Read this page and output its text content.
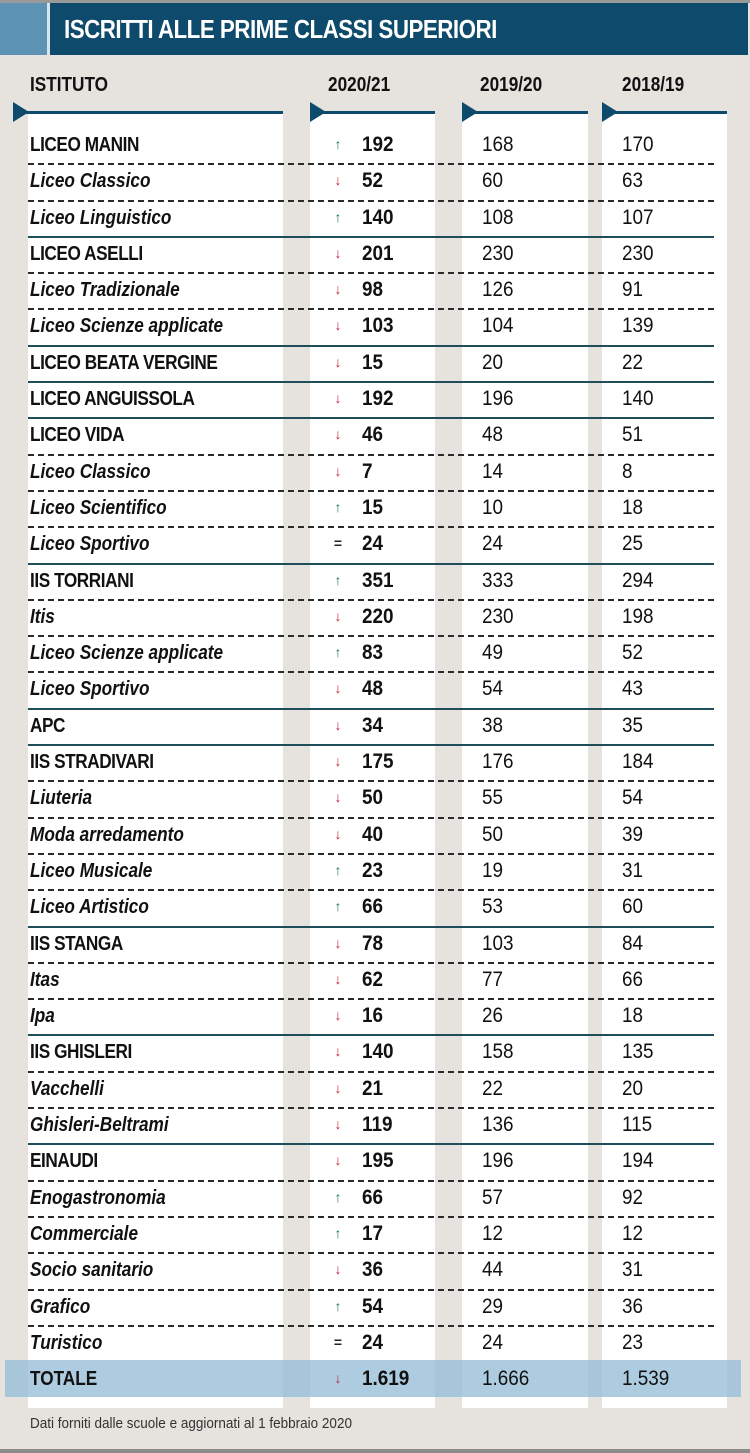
ISCRITTI ALLE PRIME CLASSI SUPERIORI
ISTITUTO	2020/21	2019/20	2018/19
LICEO MANIN	↑ 192	168	170
Liceo Classico	↓ 52	60	63
Liceo Linguistico	↑ 140	108	107
LICEO ASELLI	↓ 201	230	230
Liceo Tradizionale	↓ 98	126	91
Liceo Scienze applicate	↓ 103	104	139
LICEO BEATA VERGINE	↓ 15	20	22
LICEO ANGUISSOLA	↓ 192	196	140
LICEO VIDA	↓ 46	48	51
Liceo Classico	↓ 7	14	8
Liceo Scientifico	↑ 15	10	18
Liceo Sportivo	= 24	24	25
IIS TORRIANI	↑ 351	333	294
Itis	↓ 220	230	198
Liceo Scienze applicate	↑ 83	49	52
Liceo Sportivo	↓ 48	54	43
APC	↓ 34	38	35
IIS STRADIVARI	↓ 175	176	184
Liuteria	↓ 50	55	54
Moda arredamento	↓ 40	50	39
Liceo Musicale	↑ 23	19	31
Liceo Artistico	↑ 66	53	60
IIS STANGA	↓ 78	103	84
Itas	↓ 62	77	66
Ipa	↓ 16	26	18
IIS GHISLERI	↓ 140	158	135
Vacchelli	↓ 21	22	20
Ghisleri-Beltrami	↓ 119	136	115
EINAUDI	↓ 195	196	194
Enogastronomia	↑ 66	57	92
Commerciale	↑ 17	12	12
Socio sanitario	↓ 36	44	31
Grafico	↑ 54	29	36
Turistico	= 24	24	23
TOTALE	↓ 1.619	1.666	1.539
Dati forniti dalle scuole e aggiornati al 1 febbraio 2020
